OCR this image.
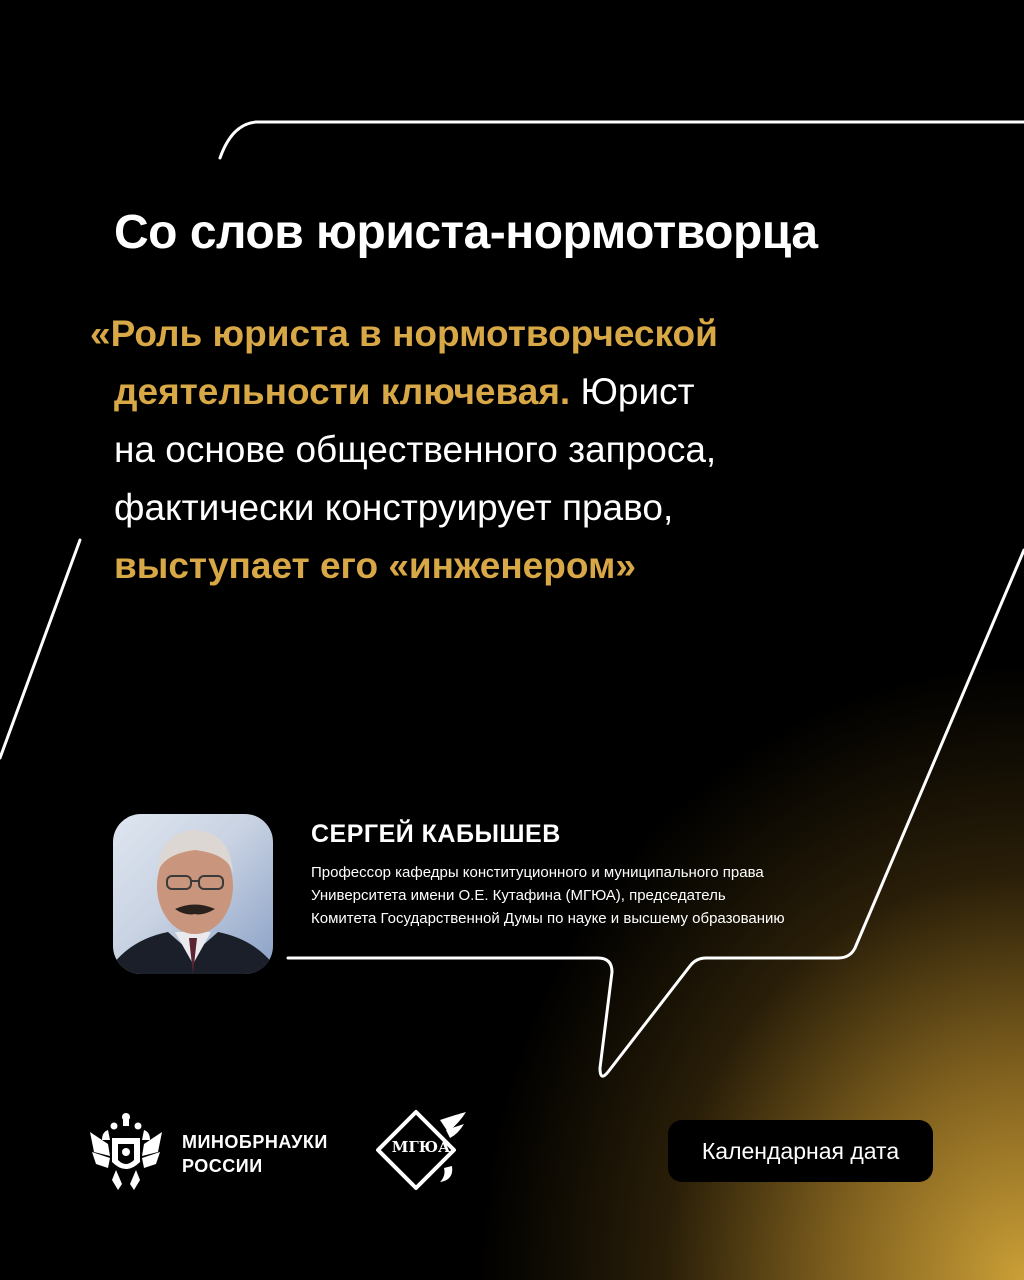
Со слов юриста-нормотворца
«Роль юриста в нормотворческой
деятельности ключевая. Юрист
на основе общественного запроса,
фактически конструирует право,
выступает его «инженером»
СЕРГЕЙ КАБЫШЕВ
Профессор кафедры конституционного и муниципального права
Университета имени О.Е. Кутафина (МГЮА), председатель
Комитета Государственной Думы по науке и высшему образованию
МИНОБРНАУКИ
РОССИИ
МГЮА	Календарная дата
